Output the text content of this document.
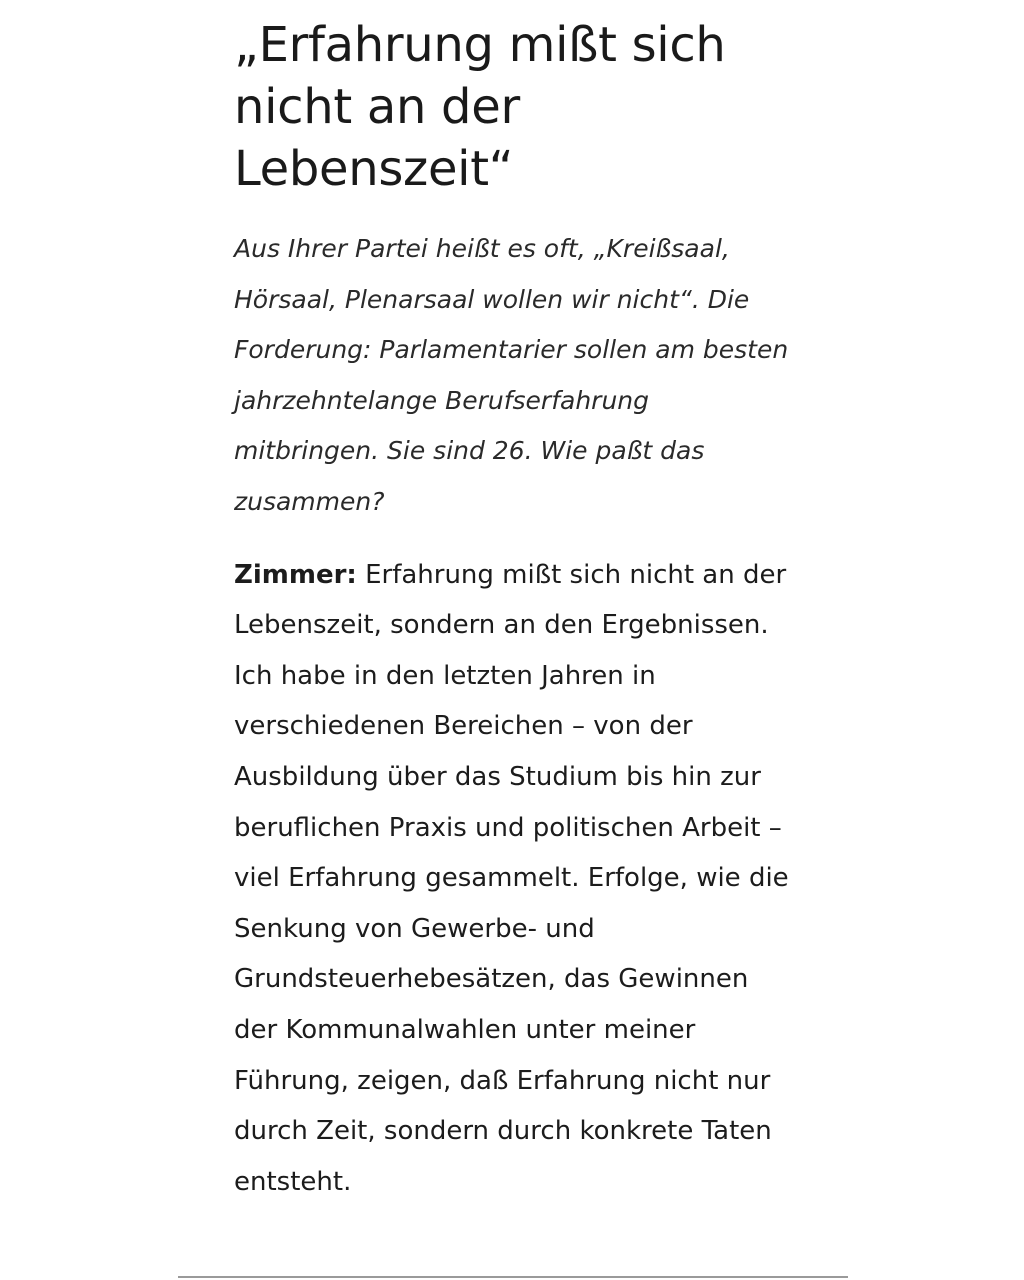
„Erfahrung mißt sich nicht an der Lebenszeit“

Aus Ihrer Partei heißt es oft, „Kreißsaal, Hörsaal, Plenarsaal wollen wir nicht“. Die Forderung: Parlamentarier sollen am besten jahrzehntelange Berufserfahrung mitbringen. Sie sind 26. Wie paßt das zusammen?

Zimmer: Erfahrung mißt sich nicht an der Lebenszeit, sondern an den Ergebnissen. Ich habe in den letzten Jahren in verschiedenen Bereichen – von der Ausbildung über das Studium bis hin zur beruflichen Praxis und politischen Arbeit – viel Erfahrung gesammelt. Erfolge, wie die Senkung von Gewerbe- und Grundsteuerhebesätzen, das Gewinnen der Kommunalwahlen unter meiner Führung, zeigen, daß Erfahrung nicht nur durch Zeit, sondern durch konkrete Taten entsteht.
